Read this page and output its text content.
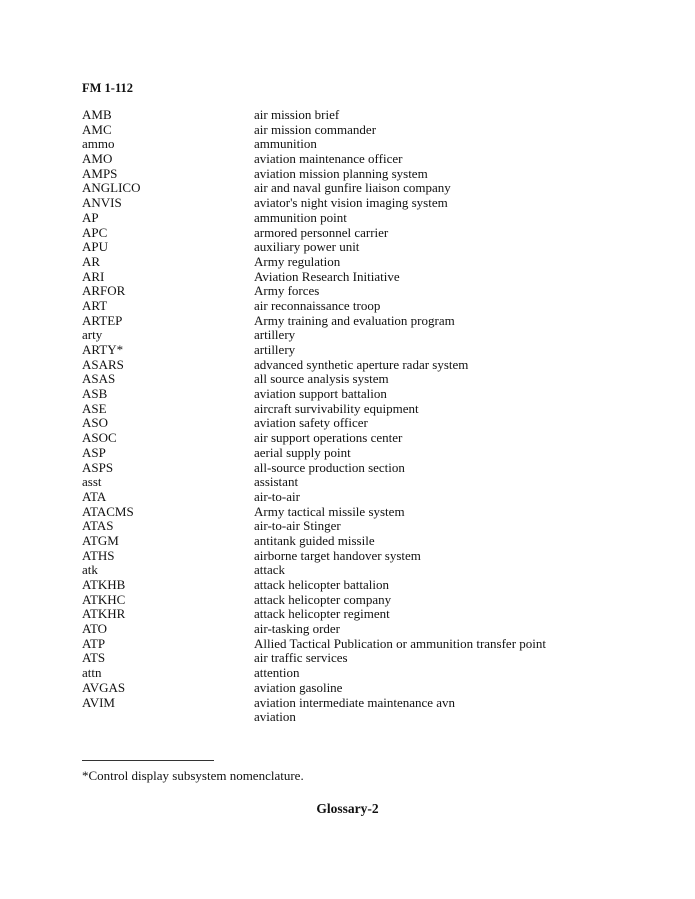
FM 1-112
AMB	air mission brief
AMC	air mission commander
ammo	ammunition
AMO	aviation maintenance officer
AMPS	aviation mission planning system
ANGLICO	air and naval gunfire liaison company
ANVIS	aviator's night vision imaging system
AP	ammunition point
APC	armored personnel carrier
APU	auxiliary power unit
AR	Army regulation
ARI	Aviation Research Initiative
ARFOR	Army forces
ART	air reconnaissance troop
ARTEP	Army training and evaluation program
arty	artillery
ARTY*	artillery
ASARS	advanced synthetic aperture radar system
ASAS	all source analysis system
ASB	aviation support battalion
ASE	aircraft survivability equipment
ASO	aviation safety officer
ASOC	air support operations center
ASP	aerial supply point
ASPS	all-source production section
asst	assistant
ATA	air-to-air
ATACMS	Army tactical missile system
ATAS	air-to-air Stinger
ATGM	antitank guided missile
ATHS	airborne target handover system
atk	attack
ATKHB	attack helicopter battalion
ATKHC	attack helicopter company
ATKHR	attack helicopter regiment
ATO	air-tasking order
ATP	Allied Tactical Publication or ammunition transfer point
ATS	air traffic services
attn	attention
AVGAS	aviation gasoline
AVIM	aviation intermediate maintenance avn
aviation
*Control display subsystem nomenclature.
Glossary-2
